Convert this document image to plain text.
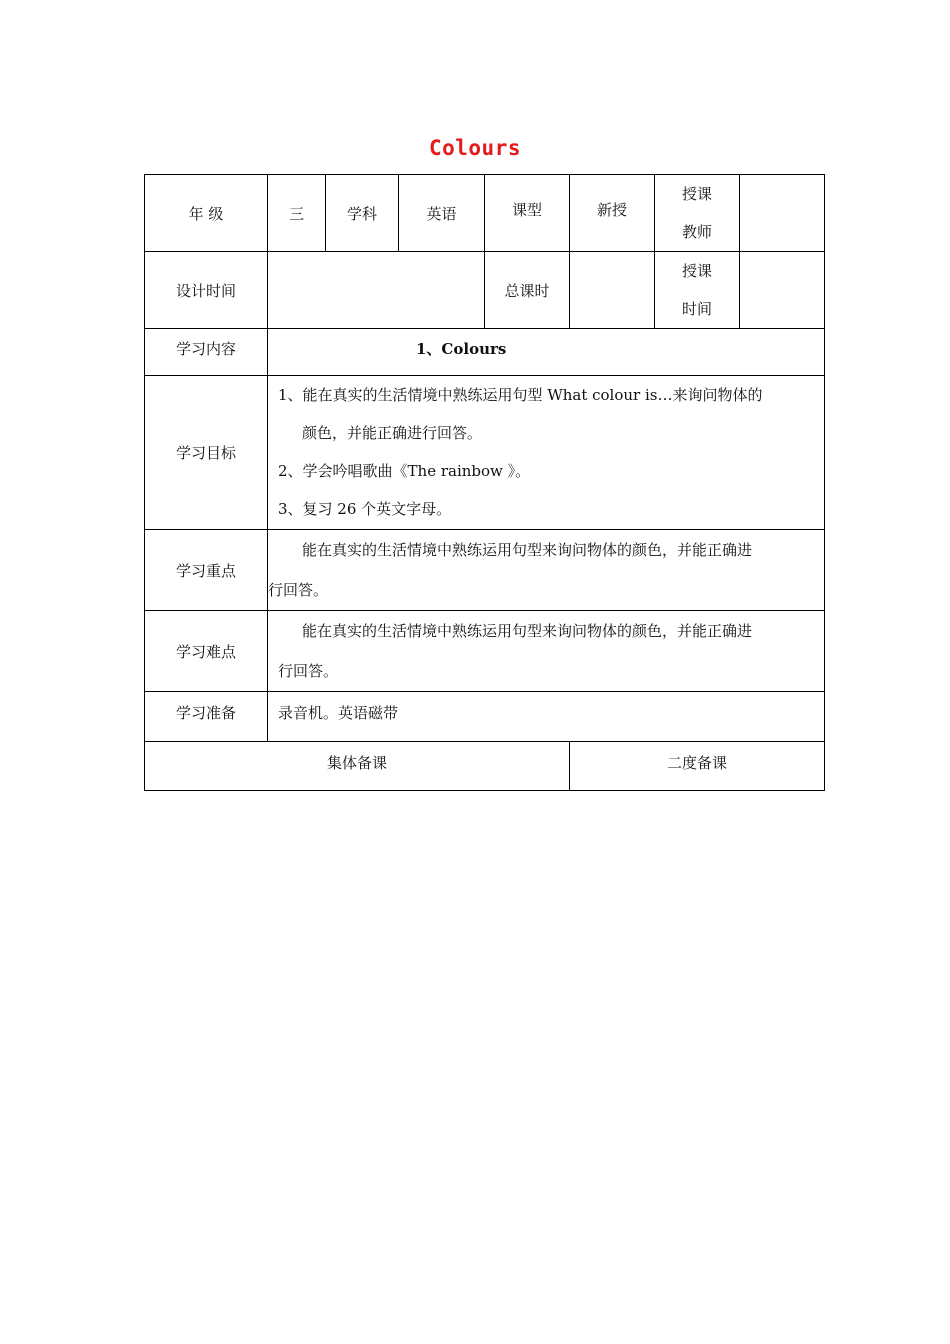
Colours
年 级	三	学科	英语	课型	新授	授课
教师	

设计时间				总课时		授课
时间	

学习内容	1、Colours						
学习目标	1、能在真实的生活情境中熟练运用句型 What colour is…来询问物体的
颜色，并能正确进行回答。
2、学会吟唱歌曲《The rainbow 》。
3、复习 26 个英文字母。						

学习重点	能在真实的生活情境中熟练运用句型来询问物体的颜色，并能正确进
行回答。						

学习难点	能在真实的生活情境中熟练运用句型来询问物体的颜色，并能正确进
行回答。						

学习准备	录音机。英语磁带						
集体备课					二度备课		
